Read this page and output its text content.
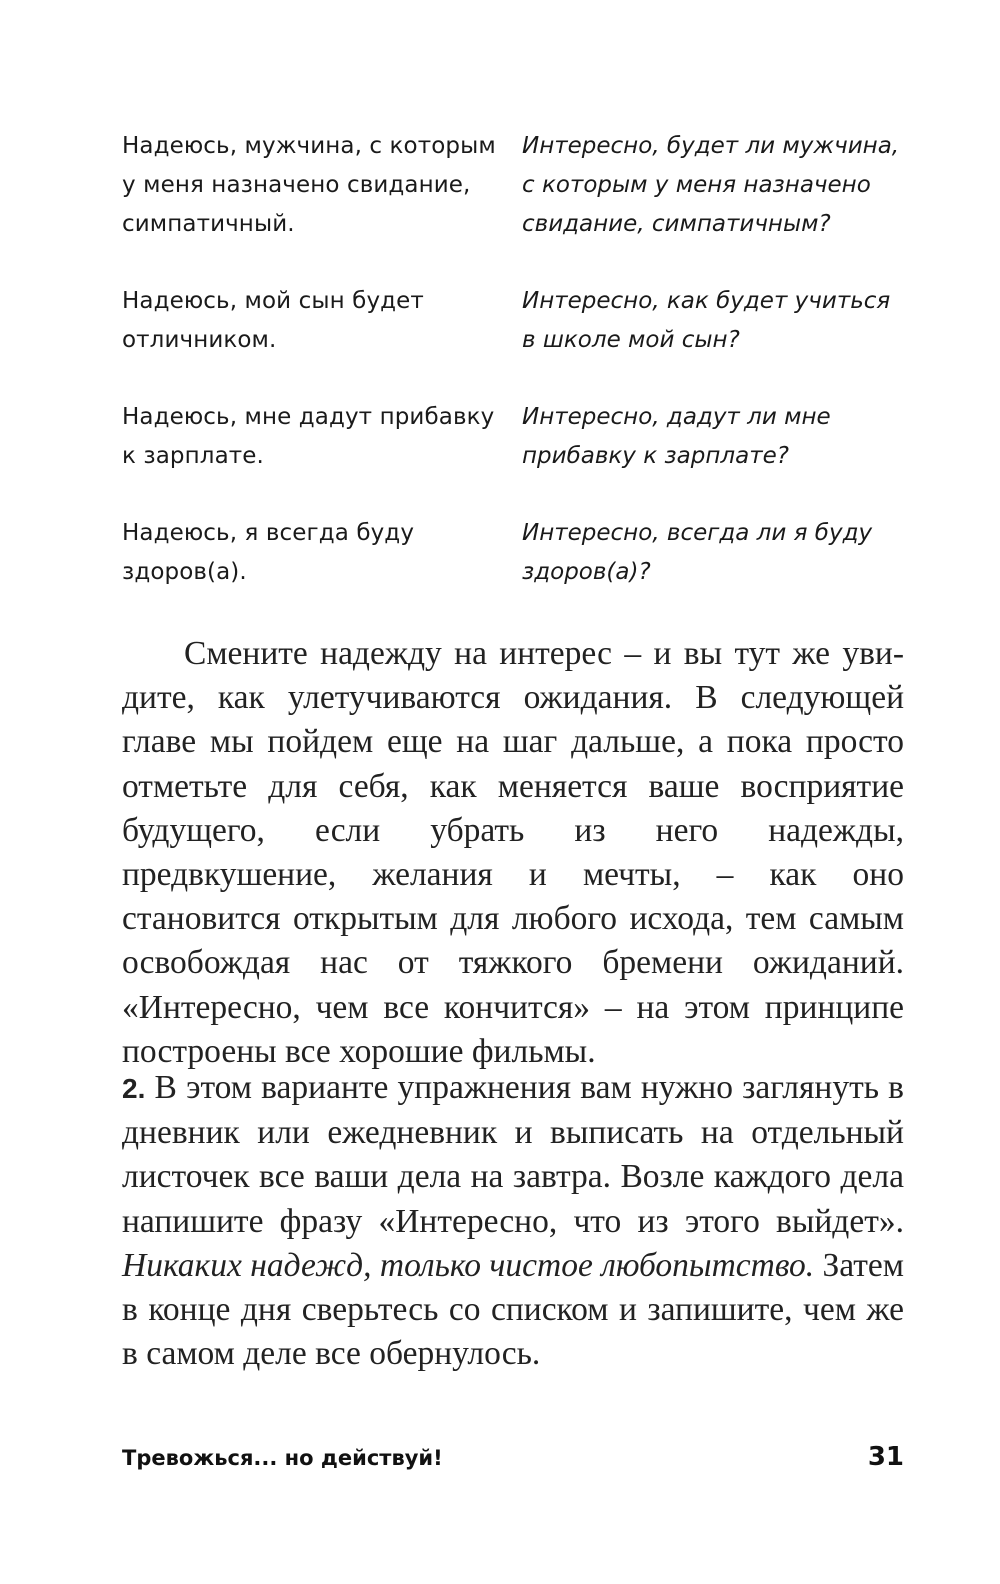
Надеюсь, мужчина, с которым
у меня назначено свидание,
симпатичный.
Интересно, будет ли мужчина,
с которым у меня назначено
свидание, симпатичным?
Надеюсь, мой сын будет
отличником.
Интересно, как будет учиться
в школе мой сын?
Надеюсь, мне дадут прибавку
к зарплате.
Интересно, дадут ли мне
прибавку к зарплате?
Надеюсь, я всегда буду
здоров(а).
Интересно, всегда ли я буду
здоров(а)?

Смените надежду на интерес – и вы тут же увидите, как улетучиваются ожидания. В следующей главе мы пойдем еще на шаг дальше, а пока просто отметьте для себя, как меняется ваше восприятие будущего, если убрать из него надежды, предвкушение, желания и мечты, – как оно становится открытым для любого исхода, тем самым освобождая нас от тяжкого бремени ожиданий. «Интересно, чем все кончится» – на этом принципе построены все хорошие фильмы.

2. В этом варианте упражнения вам нужно заглянуть в дневник или ежедневник и выписать на отдельный листочек все ваши дела на завтра. Возле каждого дела напишите фразу «Интересно, что из этого выйдет». Никаких надежд, только чистое любопытство. Затем в конце дня сверьтесь со списком и запишите, чем же в самом деле все обернулось.

Тревожься... но действуй!	31
